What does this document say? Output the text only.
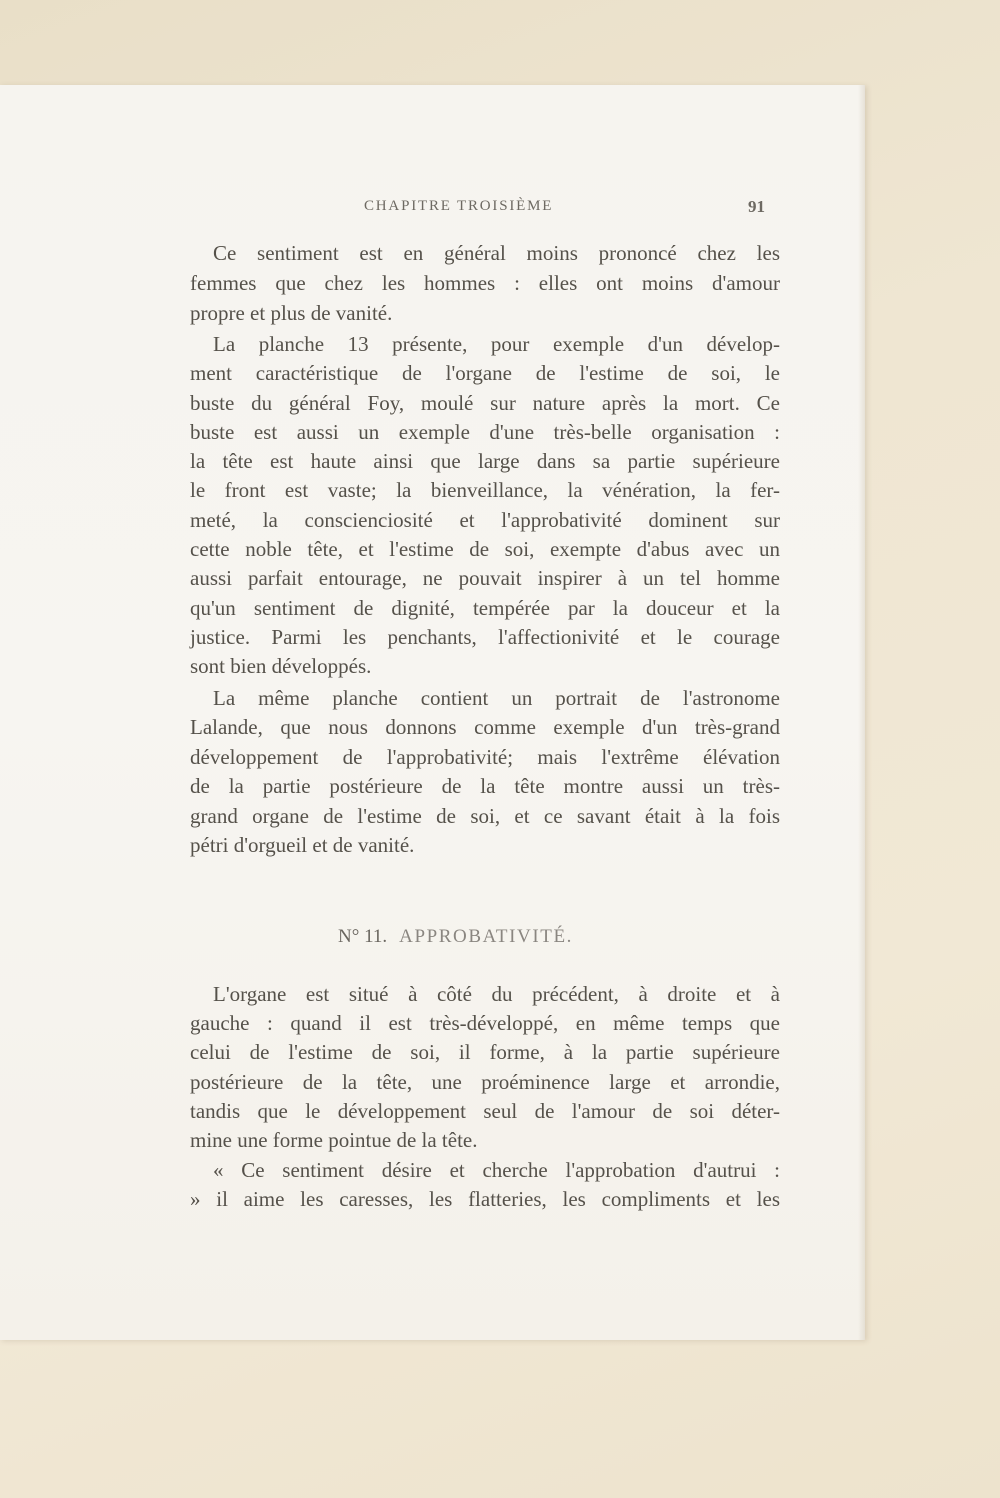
CHAPITRE TROISIÈME	91
Ce sentiment est en général moins prononcé chez les
femmes que chez les hommes : elles ont moins d'amour
propre et plus de vanité.
La planche 13 présente, pour exemple d'un dévelop-
ment caractéristique de l'organe de l'estime de soi, le
buste du général Foy, moulé sur nature après la mort. Ce
buste est aussi un exemple d'une très-belle organisation :
la tête est haute ainsi que large dans sa partie supérieure
le front est vaste; la bienveillance, la vénération, la fer-
meté, la conscienciosité et l'approbativité dominent sur
cette noble tête, et l'estime de soi, exempte d'abus avec un
aussi parfait entourage, ne pouvait inspirer à un tel homme
qu'un sentiment de dignité, tempérée par la douceur et la
justice. Parmi les penchants, l'affectionivité et le courage
sont bien développés.
La même planche contient un portrait de l'astronome
Lalande, que nous donnons comme exemple d'un très-grand
développement de l'approbativité; mais l'extrême élévation
de la partie postérieure de la tête montre aussi un très-
grand organe de l'estime de soi, et ce savant était à la fois
pétri d'orgueil et de vanité.
N° 11. APPROBATIVITÉ.
L'organe est situé à côté du précédent, à droite et à
gauche : quand il est très-développé, en même temps que
celui de l'estime de soi, il forme, à la partie supérieure
postérieure de la tête, une proéminence large et arrondie,
tandis que le développement seul de l'amour de soi déter-
mine une forme pointue de la tête.
« Ce sentiment désire et cherche l'approbation d'autrui :
» il aime les caresses, les flatteries, les compliments et les
